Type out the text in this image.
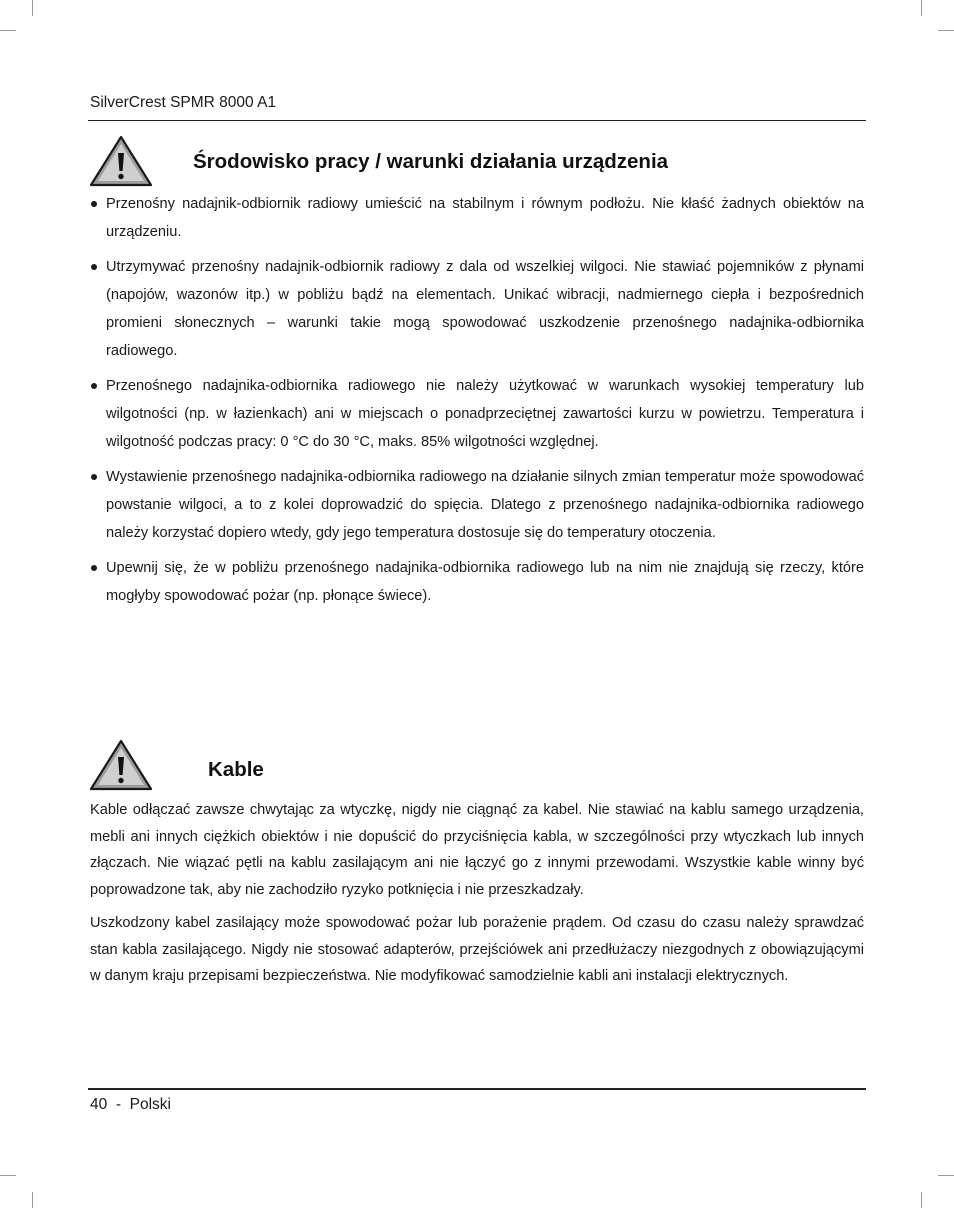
SilverCrest SPMR 8000 A1
Środowisko pracy / warunki działania urządzenia
Przenośny nadajnik-odbiornik radiowy umieścić na stabilnym i równym podłożu. Nie kłaść żadnych obiektów na urządzeniu.
Utrzymywać przenośny nadajnik-odbiornik radiowy z dala od wszelkiej wilgoci. Nie stawiać pojemników z płynami (napojów, wazonów itp.) w pobliżu bądź na elementach. Unikać wibracji, nadmiernego ciepła i bezpośrednich promieni słonecznych – warunki takie mogą spowodować uszkodzenie przenośnego nadajnika-odbiornika radiowego.
Przenośnego nadajnika-odbiornika radiowego nie należy użytkować w warunkach wysokiej temperatury lub wilgotności (np. w łazienkach) ani w miejscach o ponadprzeciętnej zawartości kurzu w powietrzu. Temperatura i wilgotność podczas pracy: 0 °C do 30 °C, maks. 85% wilgotności względnej.
Wystawienie przenośnego nadajnika-odbiornika radiowego na działanie silnych zmian temperatur może spowodować powstanie wilgoci, a to z kolei doprowadzić do spięcia. Dlatego z przenośnego nadajnika-odbiornika radiowego należy korzystać dopiero wtedy, gdy jego temperatura dostosuje się do temperatury otoczenia.
Upewnij się, że w pobliżu przenośnego nadajnika-odbiornika radiowego lub na nim nie znajdują się rzeczy, które mogłyby spowodować pożar (np. płonące świece).
Kable

Kable odłączać zawsze chwytając za wtyczkę, nigdy nie ciągnąć za kabel. Nie stawiać na kablu samego urządzenia, mebli ani innych ciężkich obiektów i nie dopuścić do przyciśnięcia kabla, w szczególności przy wtyczkach lub innych złączach. Nie wiązać pętli na kablu zasilającym ani nie łączyć go z innymi przewodami. Wszystkie kable winny być poprowadzone tak, aby nie zachodziło ryzyko potknięcia i nie przeszkadzały.

Uszkodzony kabel zasilający może spowodować pożar lub porażenie prądem. Od czasu do czasu należy sprawdzać stan kabla zasilającego. Nigdy nie stosować adapterów, przejściówek ani przedłużaczy niezgodnych z obowiązującymi w danym kraju przepisami bezpieczeństwa. Nie modyfikować samodzielnie kabli ani instalacji elektrycznych.

40  -  Polski
